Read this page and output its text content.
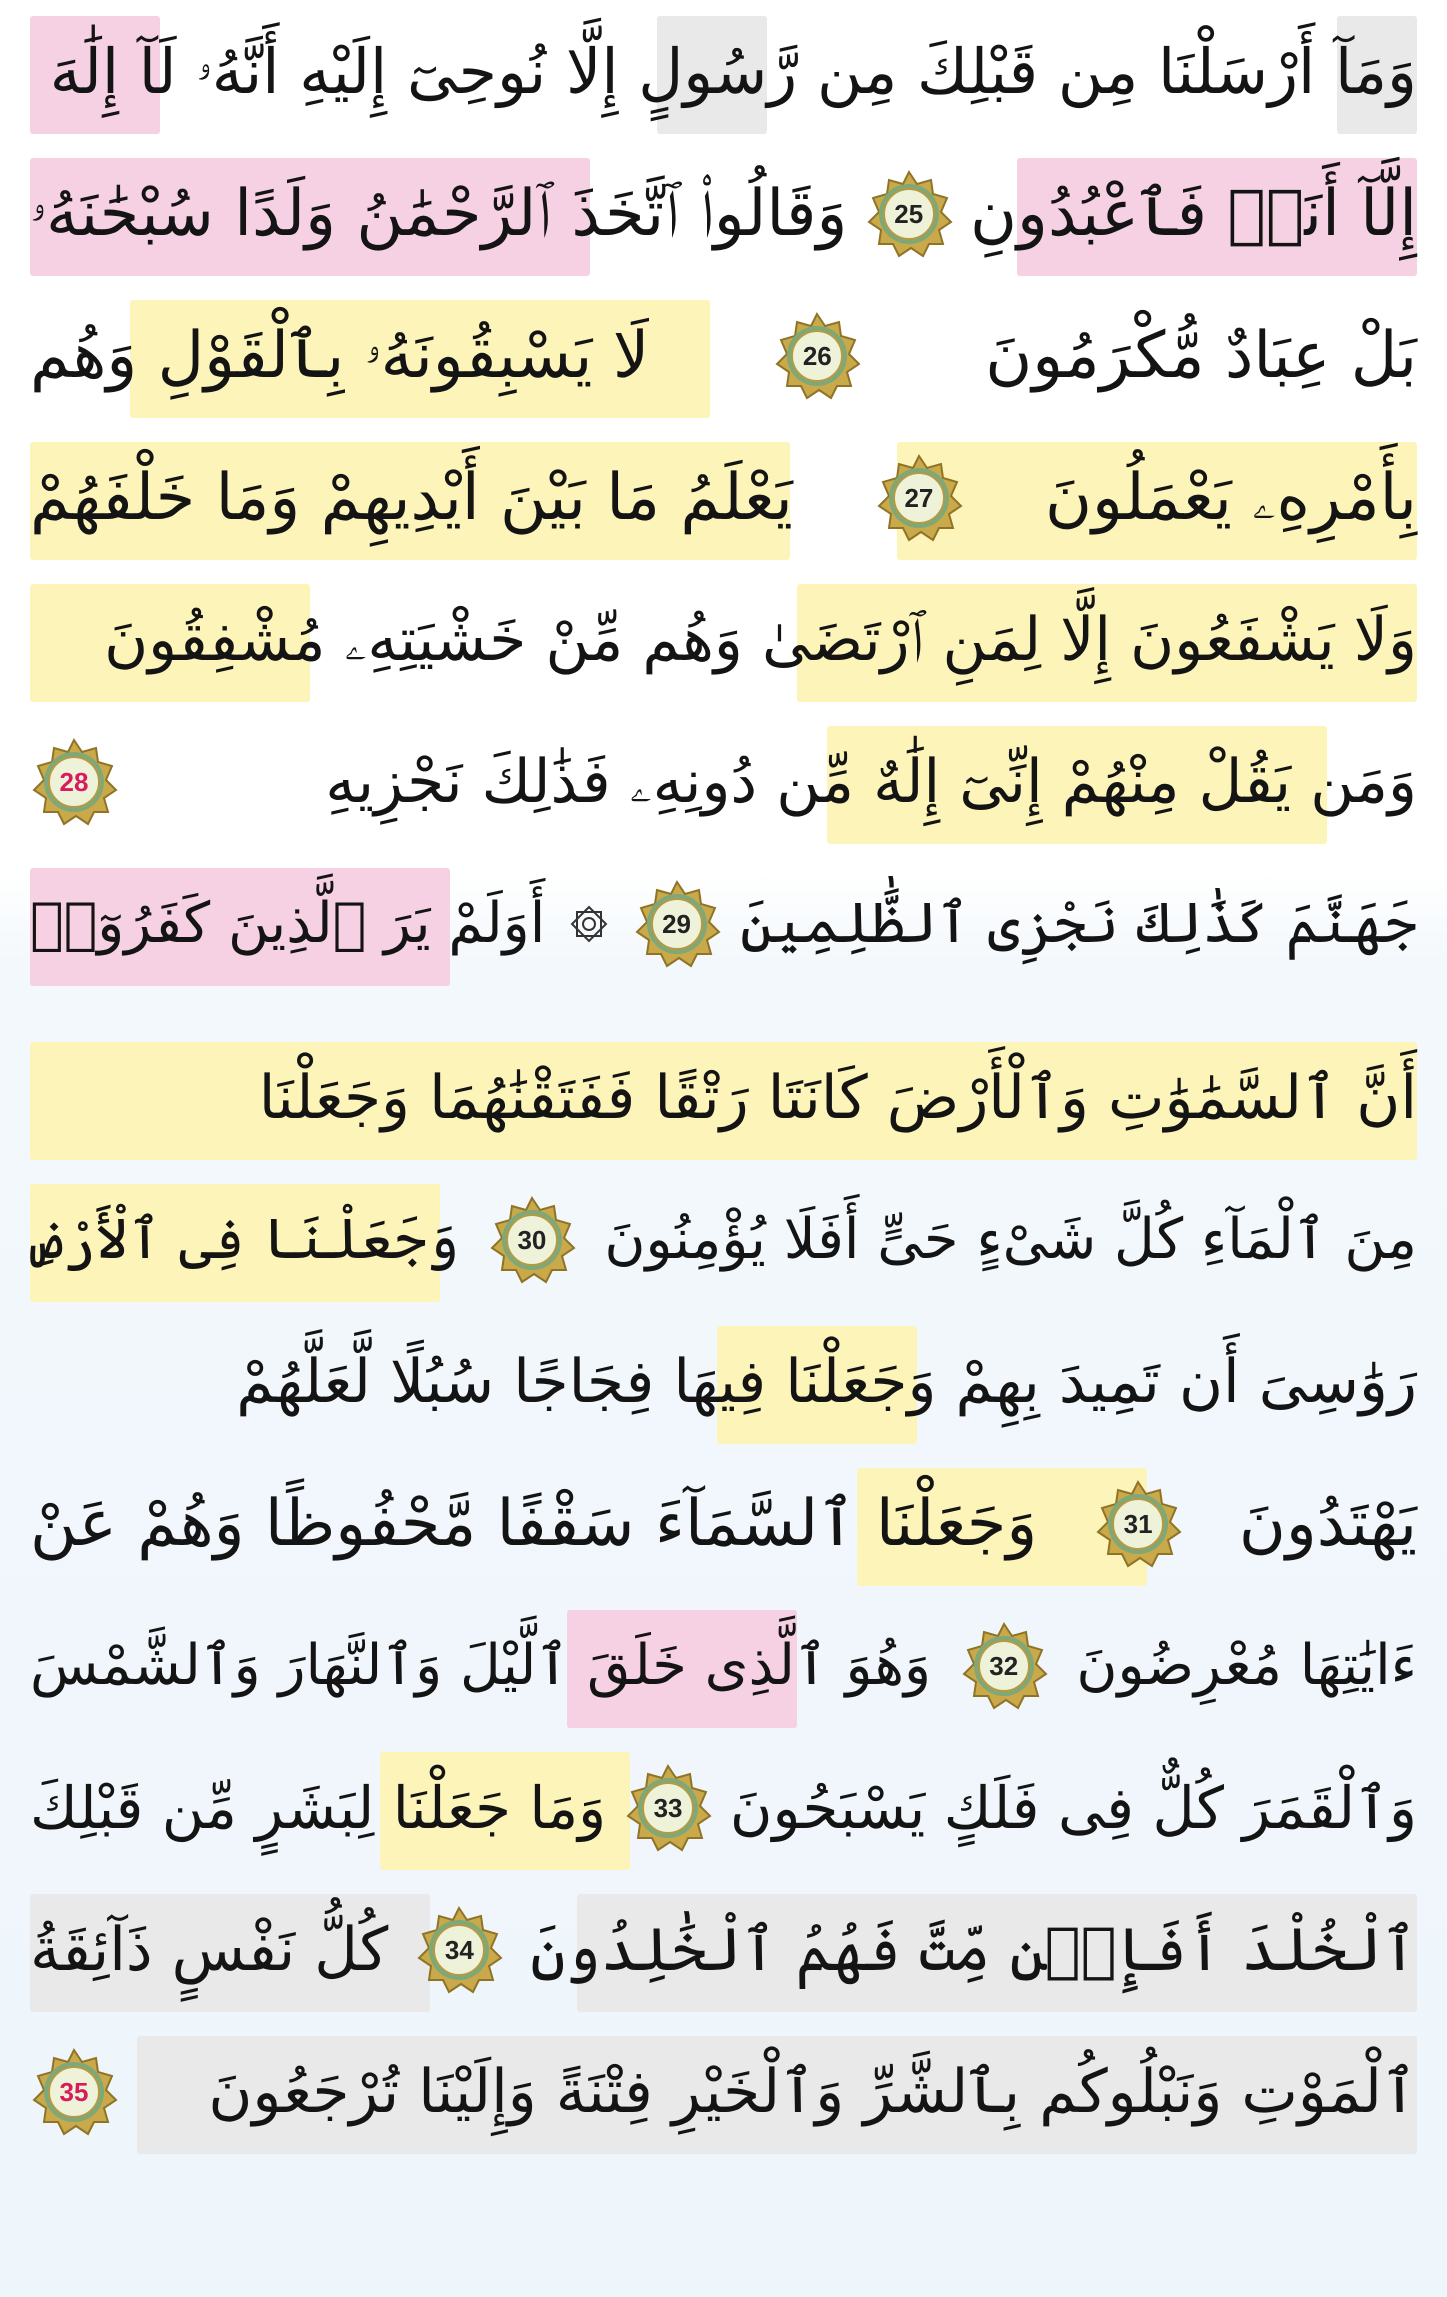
وَمَآ أَرْسَلْنَا مِن قَبْلِكَ مِن رَّسُولٍ إِلَّا نُوحِىٓ إِلَيْهِ أَنَّهُۥ لَآ إِلَٰهَ
إِلَّآ أَنَا۠ فَٱعْبُدُونِ
25
وَقَالُوا۟ ٱتَّخَذَ ٱلرَّحْمَٰنُ وَلَدًا سُبْحَٰنَهُۥ
بَلْ عِبَادٌ مُّكْرَمُونَ
26
لَا يَسْبِقُونَهُۥ بِٱلْقَوْلِ وَهُم
بِأَمْرِهِۦ يَعْمَلُونَ
27
يَعْلَمُ مَا بَيْنَ أَيْدِيهِمْ وَمَا خَلْفَهُمْ
وَلَا يَشْفَعُونَ إِلَّا لِمَنِ ٱرْتَضَىٰ وَهُم مِّنْ خَشْيَتِهِۦ مُشْفِقُونَ
وَمَن يَقُلْ مِنْهُمْ إِنِّىٓ إِلَٰهٌ مِّن دُونِهِۦ فَذَٰلِكَ نَجْزِيهِ
28
جَهَنَّمَ كَذَٰلِكَ نَجْزِى ٱلظَّٰلِمِينَ
29
أَوَلَمْ يَرَ ٱلَّذِينَ كَفَرُوٓا۟
أَنَّ ٱلسَّمَٰوَٰتِ وَٱلْأَرْضَ كَانَتَا رَتْقًا فَفَتَقْنَٰهُمَا وَجَعَلْنَا
مِنَ ٱلْمَآءِ كُلَّ شَىْءٍ حَىٍّ أَفَلَا يُؤْمِنُونَ
30
وَجَعَلْنَا فِى ٱلْأَرْضِ
رَوَٰسِىَ أَن تَمِيدَ بِهِمْ وَجَعَلْنَا فِيهَا فِجَاجًا سُبُلًا لَّعَلَّهُمْ
يَهْتَدُونَ
31
وَجَعَلْنَا ٱلسَّمَآءَ سَقْفًا مَّحْفُوظًا وَهُمْ عَنْ
ءَايَٰتِهَا مُعْرِضُونَ
32
وَهُوَ ٱلَّذِى خَلَقَ ٱلَّيْلَ وَٱلنَّهَارَ وَٱلشَّمْسَ
وَٱلْقَمَرَ كُلٌّ فِى فَلَكٍ يَسْبَحُونَ
33
وَمَا جَعَلْنَا لِبَشَرٍ مِّن قَبْلِكَ
ٱلْخُلْدَ أَفَإِي۟ن مِّتَّ فَهُمُ ٱلْخَٰلِدُونَ
34
كُلُّ نَفْسٍ ذَآئِقَةُ
ٱلْمَوْتِ وَنَبْلُوكُم بِٱلشَّرِّ وَٱلْخَيْرِ فِتْنَةً وَإِلَيْنَا تُرْجَعُونَ
35
